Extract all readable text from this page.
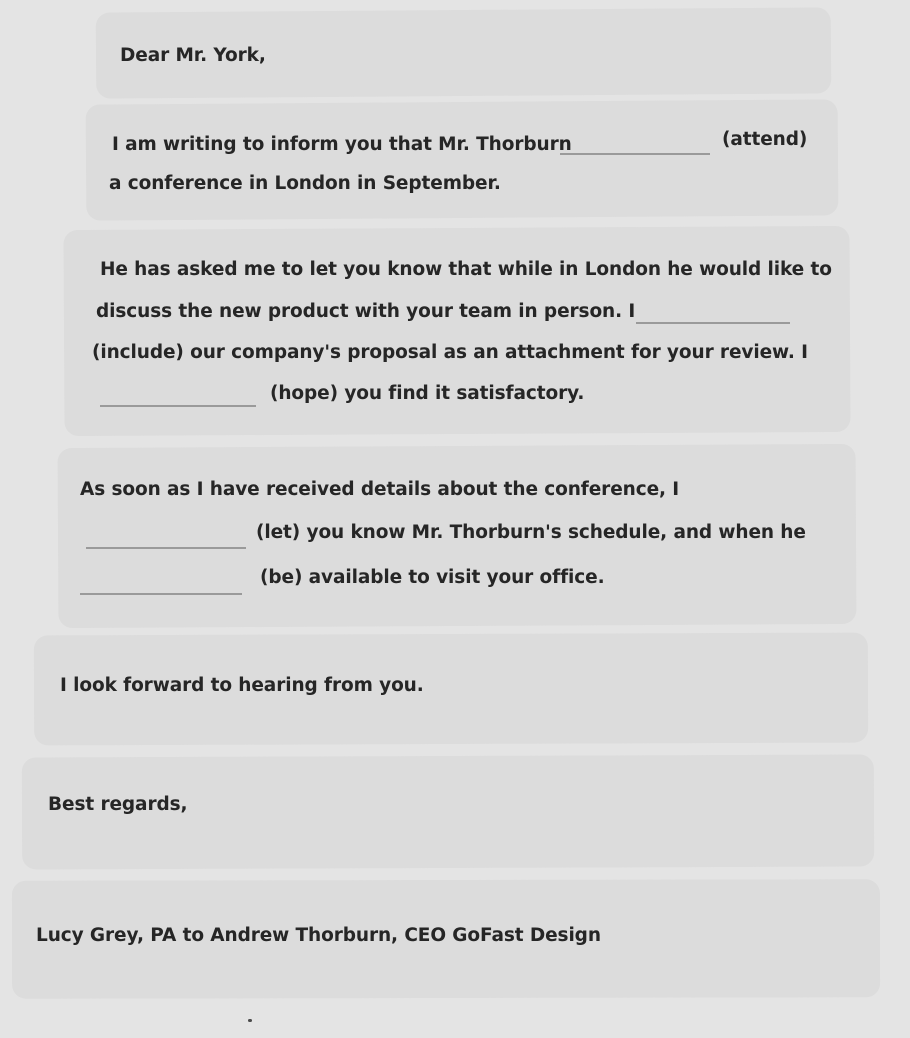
Dear Mr. York,
I am writing to inform you that Mr. Thorburn	(attend)
a conference in London in September.
He has asked me to let you know that while in London he would like to
discuss the new product with your team in person. I
(include) our company's proposal as an attachment for your review. I
(hope) you find it satisfactory.
As soon as I have received details about the conference, I
(let) you know Mr. Thorburn's schedule, and when he
(be) available to visit your office.
I look forward to hearing from you.
Best regards,
Lucy Grey, PA to Andrew Thorburn, CEO GoFast Design
